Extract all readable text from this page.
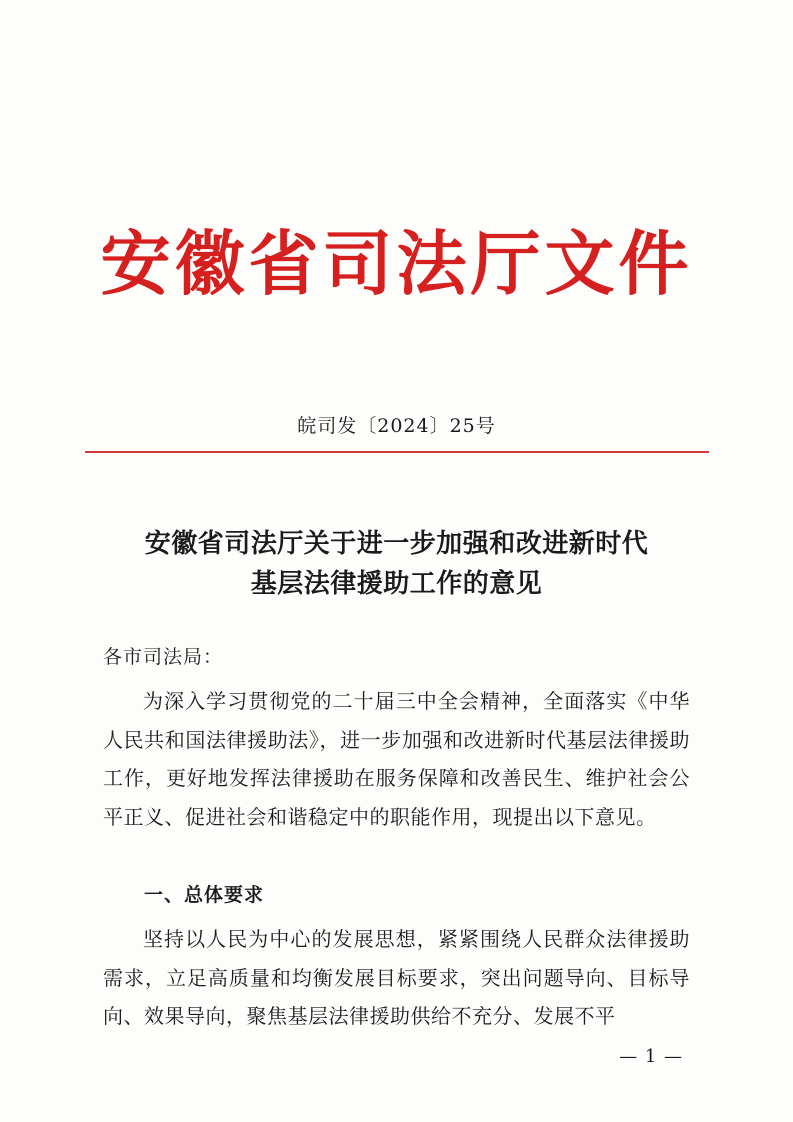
安徽省司法厅文件
皖司发〔2024〕25号
安徽省司法厅关于进一步加强和改进新时代
基层法律援助工作的意见
各市司法局：
为深入学习贯彻党的二十届三中全会精神，全面落实《中华人民共和国法律援助法》，进一步加强和改进新时代基层法律援助工作，更好地发挥法律援助在服务保障和改善民生、维护社会公平正义、促进社会和谐稳定中的职能作用，现提出以下意见。
一、总体要求
坚持以人民为中心的发展思想，紧紧围绕人民群众法律援助需求，立足高质量和均衡发展目标要求，突出问题导向、目标导向、效果导向，聚焦基层法律援助供给不充分、发展不平
— 1 —
